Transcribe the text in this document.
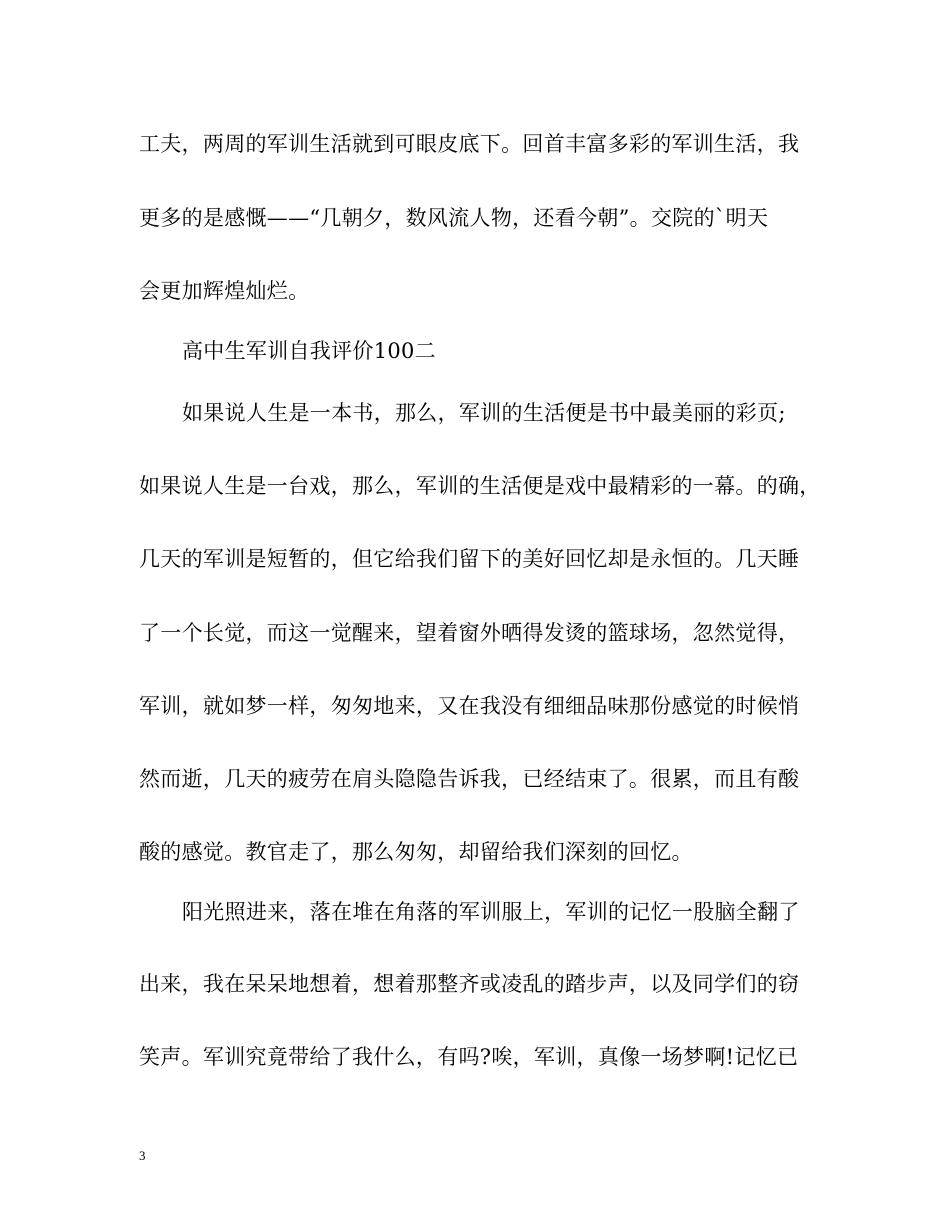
工夫，两周的军训生活就到可眼皮底下。回首丰富多彩的军训生活，我
更多的是感慨——“几朝夕，数风流人物，还看今朝”。交院的`明天
会更加辉煌灿烂。
高中生军训自我评价100二
如果说人生是一本书，那么，军训的生活便是书中最美丽的彩页;
如果说人生是一台戏，那么，军训的生活便是戏中最精彩的一幕。的确，
几天的军训是短暂的，但它给我们留下的美好回忆却是永恒的。几天睡
了一个长觉，而这一觉醒来，望着窗外晒得发烫的篮球场，忽然觉得，
军训，就如梦一样，匆匆地来，又在我没有细细品味那份感觉的时候悄
然而逝，几天的疲劳在肩头隐隐告诉我，已经结束了。很累，而且有酸
酸的感觉。教官走了，那么匆匆，却留给我们深刻的回忆。
阳光照进来，落在堆在角落的军训服上，军训的记忆一股脑全翻了
出来，我在呆呆地想着，想着那整齐或凌乱的踏步声，以及同学们的窃
笑声。军训究竟带给了我什么，有吗?唉，军训，真像一场梦啊!记忆已
3
